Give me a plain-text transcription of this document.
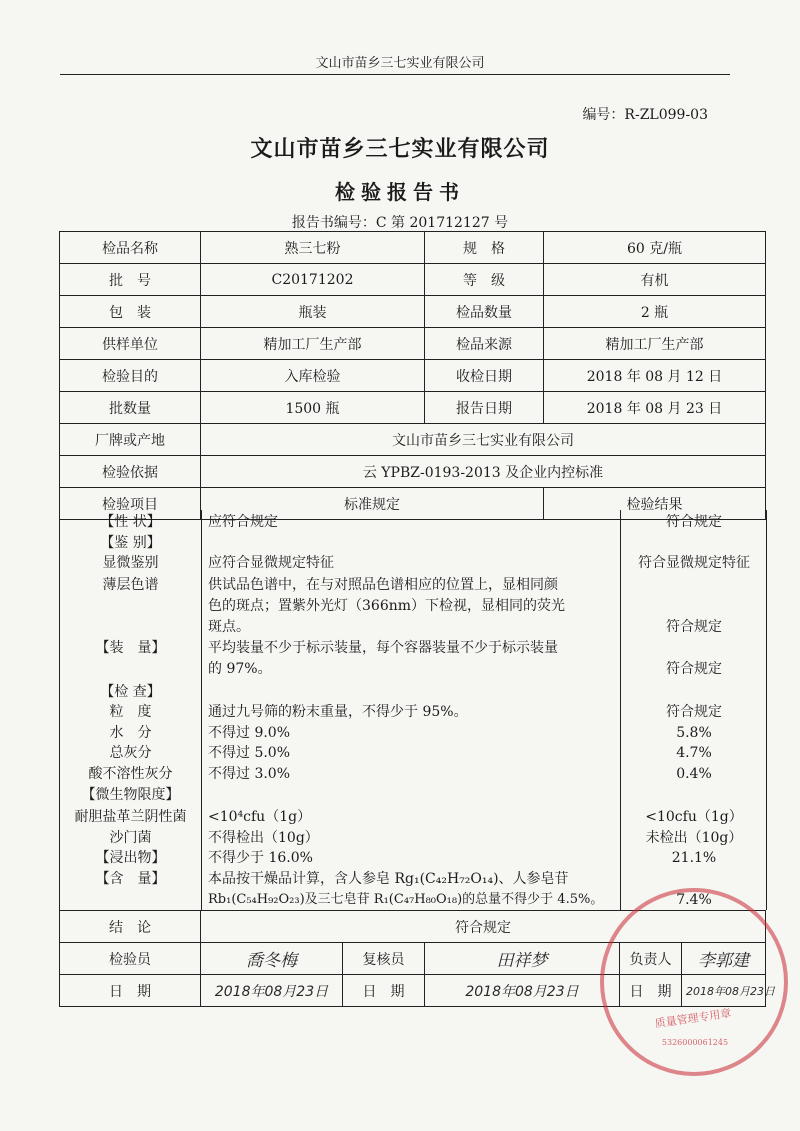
文山市苗乡三七实业有限公司
编号：R-ZL099-03
文山市苗乡三七实业有限公司
检验报告书
报告书编号：C 第 201712127 号
检品名称	熟三七粉	规　格	60 克/瓶
批　号	C20171202	等　级	有机
包　装	瓶装	检品数量	2 瓶
供样单位	精加工厂生产部	检品来源	精加工厂生产部
检验目的	入库检验	收检日期	2018 年 08 月 12 日
批数量	1500 瓶	报告日期	2018 年 08 月 23 日
厂牌或产地	文山市苗乡三七实业有限公司		
检验依据	云 YPBZ-0193-2013 及企业内控标准		
检验项目	标准规定		检验结果
【性 状】	应符合规定	符合规定
【鉴 别】
显微鉴别	应符合显微规定特征	符合显微规定特征
薄层色谱	供试品色谱中，在与对照品色谱相应的位置上，显相同颜
色的斑点；置紫外光灯（366nm）下检视，显相同的荧光
斑点。	符合规定
【装　量】	平均装量不少于标示装量，每个容器装量不少于标示装量
的 97%。	符合规定
【检 查】
粒　度	通过九号筛的粉末重量，不得少于 95%。	符合规定
水　分	不得过 9.0%	5.8%
总灰分	不得过 5.0%	4.7%
酸不溶性灰分	不得过 3.0%	0.4%
【微生物限度】
耐胆盐革兰阴性菌	<10⁴cfu（1g）	<10cfu（1g）
沙门菌	不得检出（10g）	未检出（10g）
【浸出物】	不得少于 16.0%	21.1%
【含　量】	本品按干燥品计算，含人参皂 Rg₁(C₄₂H₇₂O₁₄)、人参皂苷
Rb₁(C₅₄H₉₂O₂₃)及三七皂苷 R₁(C₄₇H₈₀O₁₈)的总量不得少于 4.5%。	7.4%
结　论	符合规定				
检验员	喬冬梅	复核员	田祥梦	负责人	李郭建
日　期	2018年08月23日	日　期	2018年08月23日	日　期	2018年08月23日
质量管理专用章
5326000061245
